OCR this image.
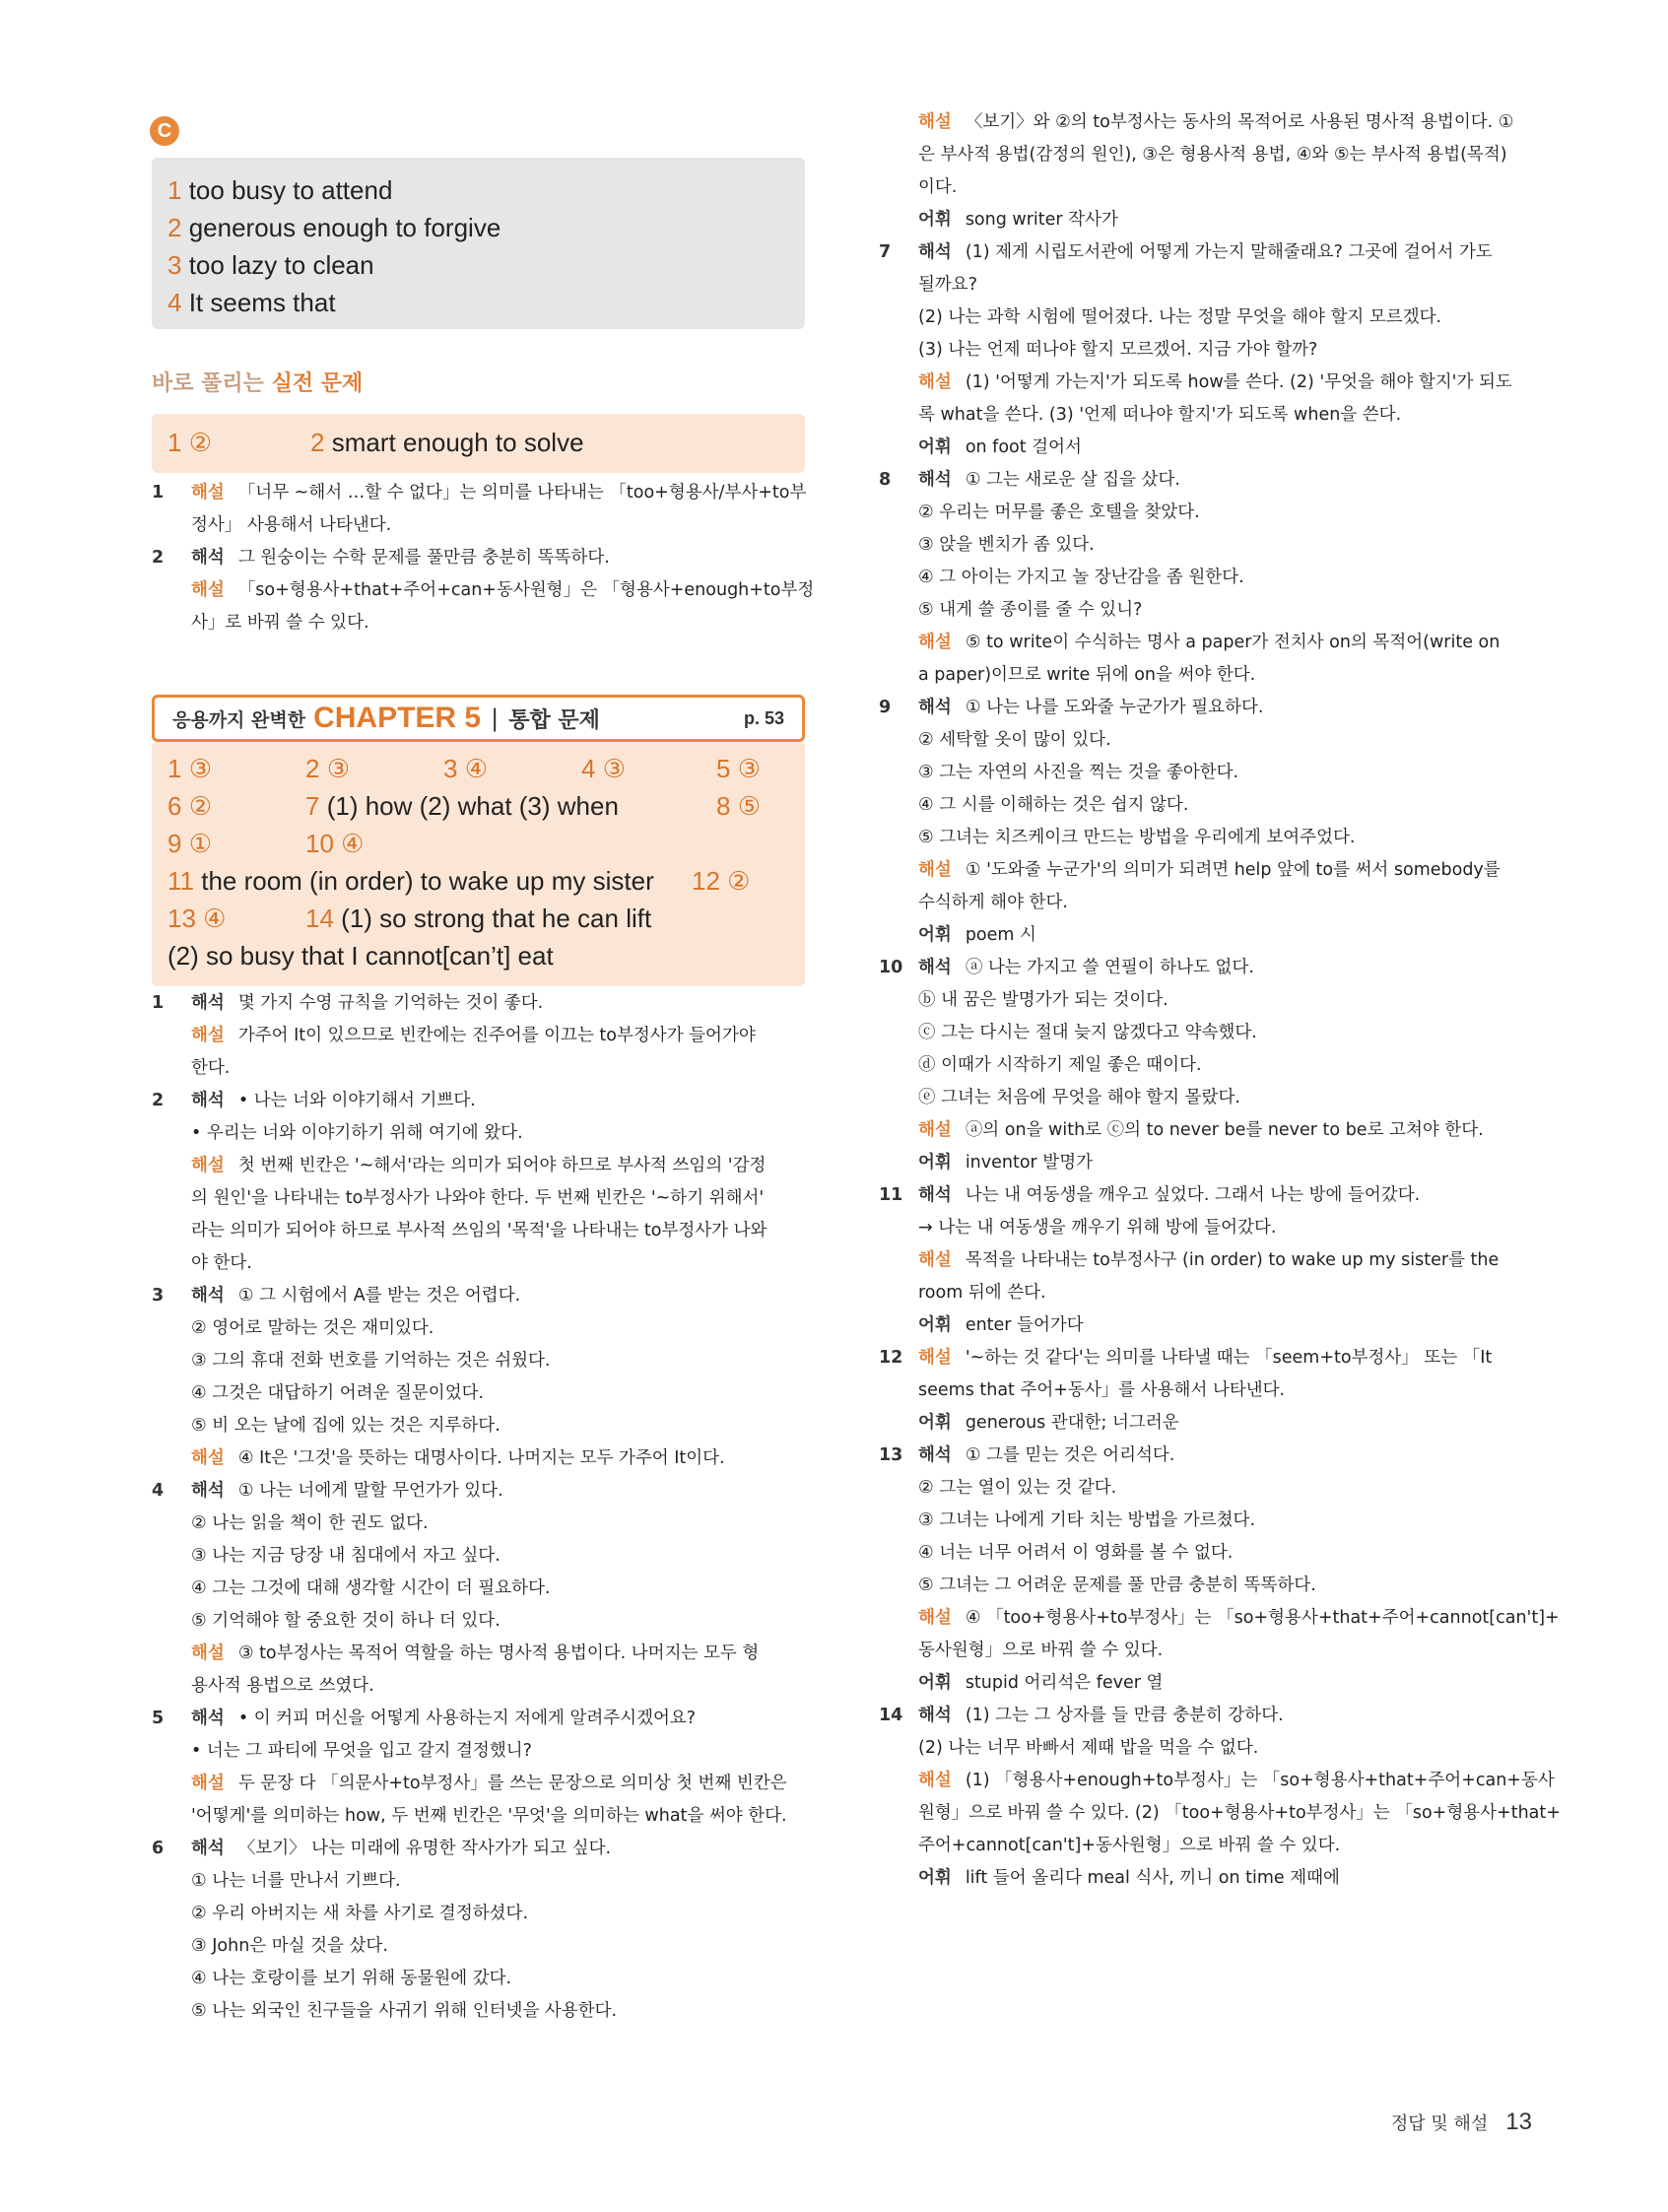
C
1 too busy to attend
2 generous enough to forgive
3 too lazy to clean
4 It seems that
바로 풀리는 실전 문제
1 ②	2 smart enough to solve
1	해설 「너무 ~해서 …할 수 없다」는 의미를 나타내는 「too+형용사/부사+to부
정사」 사용해서 나타낸다.
2	해석 그 원숭이는 수학 문제를 풀만큼 충분히 똑똑하다.
해설 「so+형용사+that+주어+can+동사원형」은 「형용사+enough+to부정
사」로 바꿔 쓸 수 있다.
응용까지 완벽한 CHAPTER 5 | 통합 문제	p. 53
1 ③	2 ③	3 ④	4 ③	5 ③
6 ②	7 (1) how (2) what (3) when	8 ⑤
9 ①	10 ④
11 the room (in order) to wake up my sister 12 ②
13 ④	14 (1) so strong that he can lift
(2) so busy that I cannot[can’t] eat
1	해석 몇 가지 수영 규칙을 기억하는 것이 좋다.
해설 가주어 It이 있으므로 빈칸에는 진주어를 이끄는 to부정사가 들어가야
한다.
2	해석 • 나는 너와 이야기해서 기쁘다.
• 우리는 너와 이야기하기 위해 여기에 왔다.
해설 첫 번째 빈칸은 '~해서'라는 의미가 되어야 하므로 부사적 쓰임의 '감정
의 원인'을 나타내는 to부정사가 나와야 한다. 두 번째 빈칸은 '~하기 위해서'
라는 의미가 되어야 하므로 부사적 쓰임의 '목적'을 나타내는 to부정사가 나와
야 한다.
3	해석 ① 그 시험에서 A를 받는 것은 어렵다.
② 영어로 말하는 것은 재미있다.
③ 그의 휴대 전화 번호를 기억하는 것은 쉬웠다.
④ 그것은 대답하기 어려운 질문이었다.
⑤ 비 오는 날에 집에 있는 것은 지루하다.
해설 ④ It은 '그것'을 뜻하는 대명사이다. 나머지는 모두 가주어 It이다.
4	해석 ① 나는 너에게 말할 무언가가 있다.
② 나는 읽을 책이 한 권도 없다.
③ 나는 지금 당장 내 침대에서 자고 싶다.
④ 그는 그것에 대해 생각할 시간이 더 필요하다.
⑤ 기억해야 할 중요한 것이 하나 더 있다.
해설 ③ to부정사는 목적어 역할을 하는 명사적 용법이다. 나머지는 모두 형
용사적 용법으로 쓰였다.
5	해석 • 이 커피 머신을 어떻게 사용하는지 저에게 알려주시겠어요?
• 너는 그 파티에 무엇을 입고 갈지 결정했니?
해설 두 문장 다 「의문사+to부정사」를 쓰는 문장으로 의미상 첫 번째 빈칸은
'어떻게'를 의미하는 how, 두 번째 빈칸은 '무엇'을 의미하는 what을 써야 한다.
6	해석 〈보기〉 나는 미래에 유명한 작사가가 되고 싶다.
① 나는 너를 만나서 기쁘다.
② 우리 아버지는 새 차를 사기로 결정하셨다.
③ John은 마실 것을 샀다.
④ 나는 호랑이를 보기 위해 동물원에 갔다.
⑤ 나는 외국인 친구들을 사귀기 위해 인터넷을 사용한다.
해설 〈보기〉와 ②의 to부정사는 동사의 목적어로 사용된 명사적 용법이다. ①
은 부사적 용법(감정의 원인), ③은 형용사적 용법, ④와 ⑤는 부사적 용법(목적)
이다.
어휘 song writer 작사가
7	해석 (1) 제게 시립도서관에 어떻게 가는지 말해줄래요? 그곳에 걸어서 가도
될까요?
(2) 나는 과학 시험에 떨어졌다. 나는 정말 무엇을 해야 할지 모르겠다.
(3) 나는 언제 떠나야 할지 모르겠어. 지금 가야 할까?
해설 (1) '어떻게 가는지'가 되도록 how를 쓴다. (2) '무엇을 해야 할지'가 되도
록 what을 쓴다. (3) '언제 떠나야 할지'가 되도록 when을 쓴다.
어휘 on foot 걸어서
8	해석 ① 그는 새로운 살 집을 샀다.
② 우리는 머무를 좋은 호텔을 찾았다.
③ 앉을 벤치가 좀 있다.
④ 그 아이는 가지고 놀 장난감을 좀 원한다.
⑤ 내게 쓸 종이를 줄 수 있니?
해설 ⑤ to write이 수식하는 명사 a paper가 전치사 on의 목적어(write on
a paper)이므로 write 뒤에 on을 써야 한다.
9	해석 ① 나는 나를 도와줄 누군가가 필요하다.
② 세탁할 옷이 많이 있다.
③ 그는 자연의 사진을 찍는 것을 좋아한다.
④ 그 시를 이해하는 것은 쉽지 않다.
⑤ 그녀는 치즈케이크 만드는 방법을 우리에게 보여주었다.
해설 ① '도와줄 누군가'의 의미가 되려면 help 앞에 to를 써서 somebody를
수식하게 해야 한다.
어휘 poem 시
10 해석 ⓐ 나는 가지고 쓸 연필이 하나도 없다.
ⓑ 내 꿈은 발명가가 되는 것이다.
ⓒ 그는 다시는 절대 늦지 않겠다고 약속했다.
ⓓ 이때가 시작하기 제일 좋은 때이다.
ⓔ 그녀는 처음에 무엇을 해야 할지 몰랐다.
해설 ⓐ의 on을 with로 ⓒ의 to never be를 never to be로 고쳐야 한다.
어휘 inventor 발명가
11 해석 나는 내 여동생을 깨우고 싶었다. 그래서 나는 방에 들어갔다.
→ 나는 내 여동생을 깨우기 위해 방에 들어갔다.
해설 목적을 나타내는 to부정사구 (in order) to wake up my sister를 the
room 뒤에 쓴다.
어휘 enter 들어가다
12 해설 '~하는 것 같다'는 의미를 나타낼 때는 「seem+to부정사」 또는 「It
seems that 주어+동사」를 사용해서 나타낸다.
어휘 generous 관대한; 너그러운
13 해석 ① 그를 믿는 것은 어리석다.
② 그는 열이 있는 것 같다.
③ 그녀는 나에게 기타 치는 방법을 가르쳤다.
④ 너는 너무 어려서 이 영화를 볼 수 없다.
⑤ 그녀는 그 어려운 문제를 풀 만큼 충분히 똑똑하다.
해설 ④ 「too+형용사+to부정사」는 「so+형용사+that+주어+cannot[can't]+
동사원형」으로 바꿔 쓸 수 있다.
어휘 stupid 어리석은 fever 열
14 해석 (1) 그는 그 상자를 들 만큼 충분히 강하다.
(2) 나는 너무 바빠서 제때 밥을 먹을 수 없다.
해설 (1) 「형용사+enough+to부정사」는 「so+형용사+that+주어+can+동사
원형」으로 바꿔 쓸 수 있다. (2) 「too+형용사+to부정사」는 「so+형용사+that+
주어+cannot[can't]+동사원형」으로 바꿔 쓸 수 있다.
어휘 lift 들어 올리다 meal 식사, 끼니 on time 제때에
정답 및 해설 13
